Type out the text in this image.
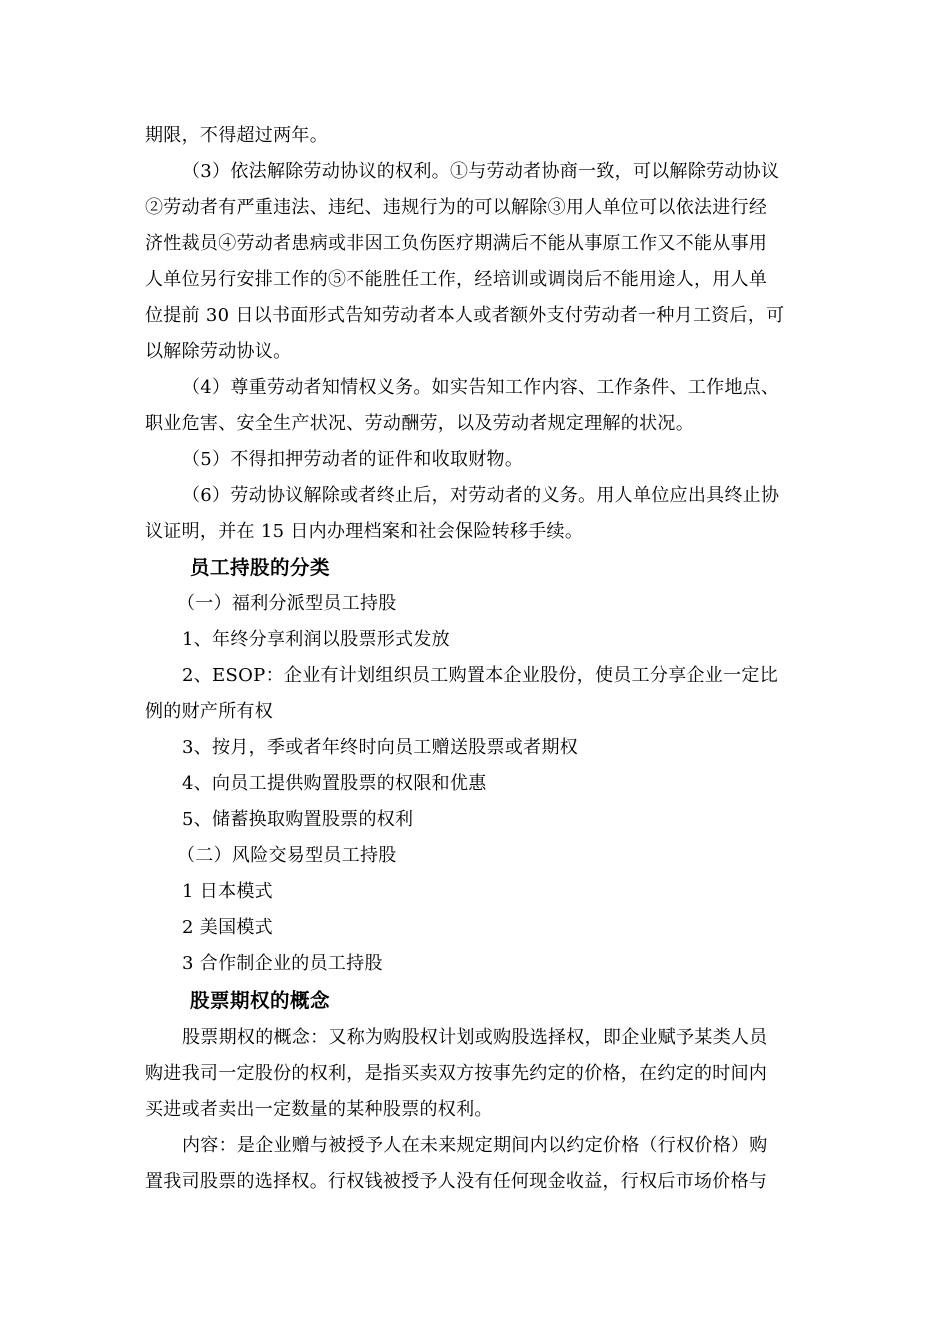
期限，不得超过两年。
（3）依法解除劳动协议的权利。①与劳动者协商一致，可以解除劳动协议
②劳动者有严重违法、违纪、违规行为的可以解除③用人单位可以依法进行经
济性裁员④劳动者患病或非因工负伤医疗期满后不能从事原工作又不能从事用
人单位另行安排工作的⑤不能胜任工作，经培训或调岗后不能用途人，用人单
位提前 30 日以书面形式告知劳动者本人或者额外支付劳动者一种月工资后，可
以解除劳动协议。
（4）尊重劳动者知情权义务。如实告知工作内容、工作条件、工作地点、
职业危害、安全生产状况、劳动酬劳，以及劳动者规定理解的状况。
（5）不得扣押劳动者的证件和收取财物。
（6）劳动协议解除或者终止后，对劳动者的义务。用人单位应出具终止协
议证明，并在 15 日内办理档案和社会保险转移手续。
员工持股的分类
（一）福利分派型员工持股
1、年终分享利润以股票形式发放
2、ESOP：企业有计划组织员工购置本企业股份，使员工分享企业一定比
例的财产所有权
3、按月，季或者年终时向员工赠送股票或者期权
4、向员工提供购置股票的权限和优惠
5、储蓄换取购置股票的权利
（二）风险交易型员工持股
1 日本模式
2 美国模式
3 合作制企业的员工持股
股票期权的概念
股票期权的概念：又称为购股权计划或购股选择权，即企业赋予某类人员
购进我司一定股份的权利，是指买卖双方按事先约定的价格，在约定的时间内
买进或者卖出一定数量的某种股票的权利。
内容：是企业赠与被授予人在未来规定期间内以约定价格（行权价格）购
置我司股票的选择权。行权钱被授予人没有任何现金收益，行权后市场价格与
